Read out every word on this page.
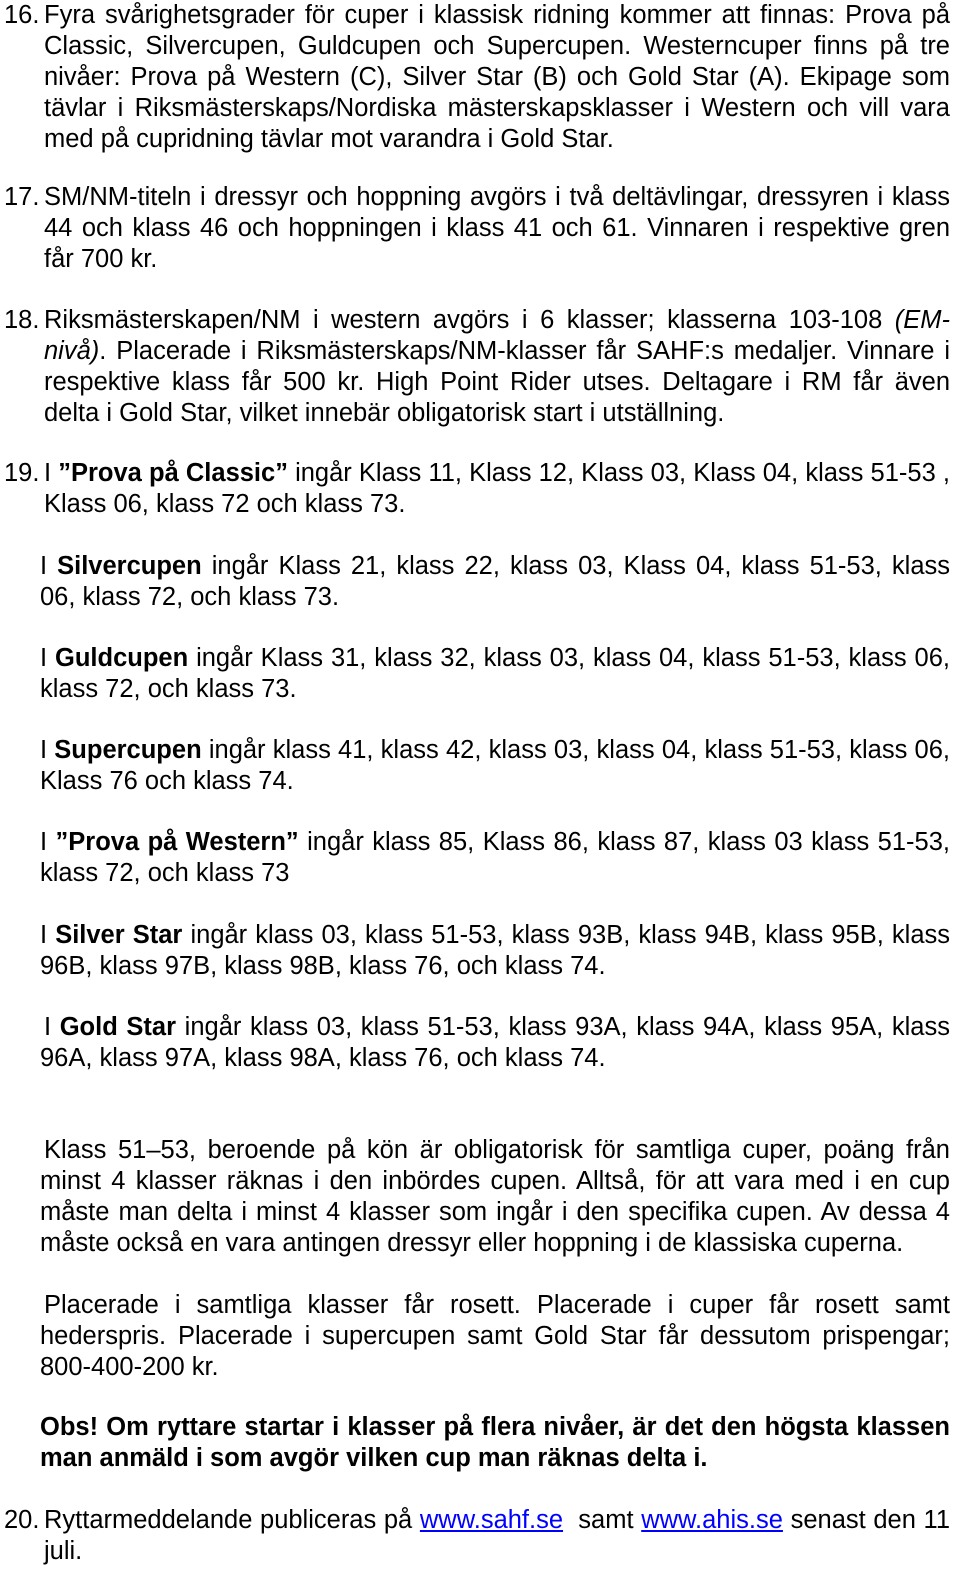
16. Fyra svårighetsgrader för cuper i klassisk ridning kommer att finnas: Prova på Classic, Silvercupen, Guldcupen och Supercupen. Westerncuper finns på tre nivåer: Prova på Western (C), Silver Star (B) och Gold Star (A). Ekipage som tävlar i Riksmästerskaps/Nordiska mästerskapsklasser i Western och vill vara med på cupridning tävlar mot varandra i Gold Star.
17. SM/NM-titeln i dressyr och hoppning avgörs i två deltävlingar, dressyren i klass 44 och klass 46 och hoppningen i klass 41 och 61. Vinnaren i respektive gren får 700 kr.
18. Riksmästerskapen/NM i western avgörs i 6 klasser; klasserna 103-108 (EM-nivå). Placerade i Riksmästerskaps/NM-klasser får SAHF:s medaljer. Vinnare i respektive klass får 500 kr. High Point Rider utses. Deltagare i RM får även delta i Gold Star, vilket innebär obligatorisk start i utställning.
19. I ”Prova på Classic” ingår Klass 11, Klass 12, Klass 03, Klass 04, klass 51-53 , Klass 06, klass 72 och klass 73.
I Silvercupen ingår Klass 21, klass 22, klass 03, Klass 04, klass 51-53, klass 06, klass 72, och klass 73.
I Guldcupen ingår Klass 31, klass 32, klass 03, klass 04, klass 51-53, klass 06, klass 72, och klass 73.
I Supercupen ingår klass 41, klass 42, klass 03, klass 04, klass 51-53, klass 06, Klass 76 och klass 74.
I ”Prova på Western” ingår klass 85, Klass 86, klass 87, klass 03 klass 51-53, klass 72, och klass 73
I Silver Star ingår klass 03, klass 51-53, klass 93B, klass 94B, klass 95B, klass 96B, klass 97B, klass 98B, klass 76, och klass 74.
I Gold Star ingår klass 03, klass 51-53, klass 93A, klass 94A, klass 95A, klass 96A, klass 97A, klass 98A, klass 76, och klass 74.
Klass 51–53, beroende på kön är obligatorisk för samtliga cuper, poäng från minst 4 klasser räknas i den inbördes cupen. Alltså, för att vara med i en cup måste man delta i minst 4 klasser som ingår i den specifika cupen. Av dessa 4 måste också en vara antingen dressyr eller hoppning i de klassiska cuperna.
Placerade i samtliga klasser får rosett. Placerade i cuper får rosett samt hederspris. Placerade i supercupen samt Gold Star får dessutom prispengar; 800-400-200 kr.
Obs! Om ryttare startar i klasser på flera nivåer, är det den högsta klassen man anmäld i som avgör vilken cup man räknas delta i.
20. Ryttarmeddelande publiceras på www.sahf.se  samt www.ahis.se senast den 11 juli.
